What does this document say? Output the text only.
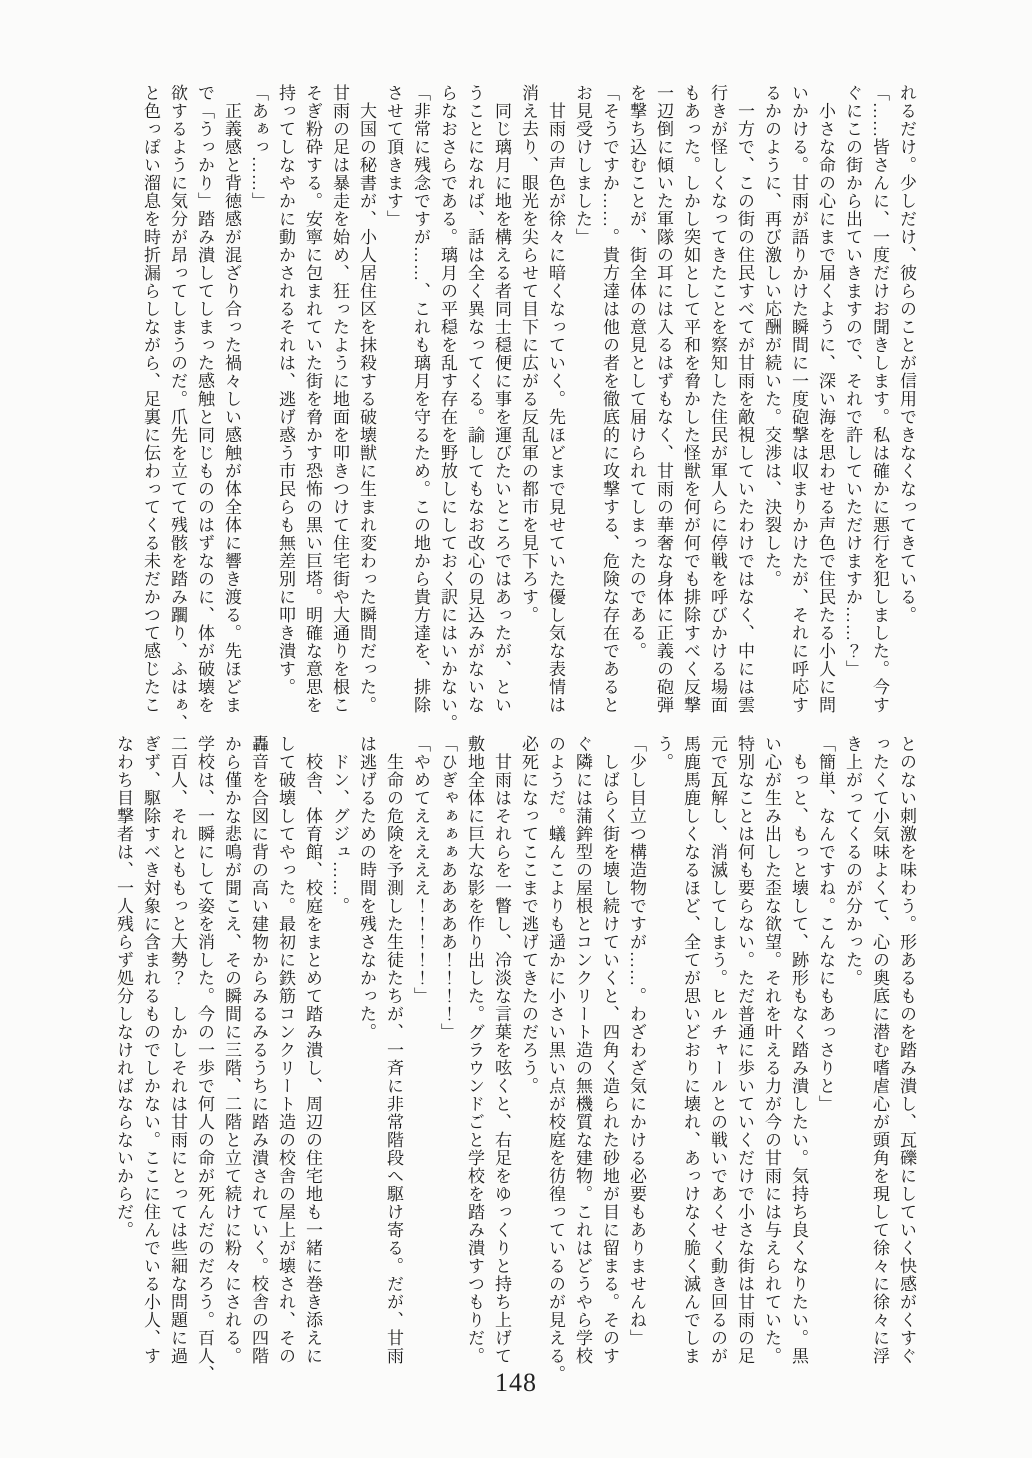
れるだけ。少しだけ、彼らのことが信用できなくなってきている。
「……皆さんに、一度だけお聞きします。私は確かに悪行を犯しました。今す
ぐにこの街から出ていきますので、それで許していただけますか……？」
　小さな命の心にまで届くように、深い海を思わせる声色で住民たる小人に問
いかける。甘雨が語りかけた瞬間に一度砲撃は収まりかけたが、それに呼応す
るかのように、再び激しい応酬が続いた。交渉は、決裂した。
　一方で、この街の住民すべてが甘雨を敵視していたわけではなく、中には雲
行きが怪しくなってきたことを察知した住民が軍人らに停戦を呼びかける場面
もあった。しかし突如として平和を脅かした怪獣を何が何でも排除すべく反撃
一辺倒に傾いた軍隊の耳には入るはずもなく、甘雨の華奢な身体に正義の砲弾
を撃ち込むことが、街全体の意見として届けられてしまったのである。
「そうですか……。貴方達は他の者を徹底的に攻撃する、危険な存在であると
お見受けしました」
　甘雨の声色が徐々に暗くなっていく。先ほどまで見せていた優し気な表情は
消え去り、眼光を尖らせて目下に広がる反乱軍の都市を見下ろす。
　同じ璃月に地を構える者同士穏便に事を運びたいところではあったが、とい
うことになれば、話は全く異なってくる。諭してもなお改心の見込みがないな
らなおさらである。璃月の平穏を乱す存在を野放しにしておく訳にはいかない。
「非常に残念ですが……、これも璃月を守るため。この地から貴方達を、排除
させて頂きます」
　大国の秘書が、小人居住区を抹殺する破壊獣に生まれ変わった瞬間だった。
甘雨の足は暴走を始め、狂ったように地面を叩きつけて住宅街や大通りを根こ
そぎ粉砕する。安寧に包まれていた街を脅かす恐怖の黒い巨塔。明確な意思を
持ってしなやかに動かされるそれは、逃げ惑う市民らも無差別に叩き潰す。
「あぁっ……」
　正義感と背徳感が混ざり合った禍々しい感触が体全体に響き渡る。先ほどま
で「うっかり」踏み潰してしまった感触と同じもののはずなのに、体が破壊を
欲するように気分が昂ってしまうのだ。爪先を立てて残骸を踏み躙り、ふはぁ、
と色っぽい溜息を時折漏らしながら、足裏に伝わってくる未だかつて感じたこ
とのない刺激を味わう。形あるものを踏み潰し、瓦礫にしていく快感がくすぐ
ったくて小気味よくて、心の奥底に潜む嗜虐心が頭角を現して徐々に徐々に浮
き上がってくるのが分かった。
「簡単、なんですね。こんなにもあっさりと」
　もっと、もっと壊して、跡形もなく踏み潰したい。気持ち良くなりたい。黒
い心が生み出した歪な欲望。それを叶える力が今の甘雨には与えられていた。
特別なことは何も要らない。ただ普通に歩いていくだけで小さな街は甘雨の足
元で瓦解し、消滅してしまう。ヒルチャールとの戦いであくせく動き回るのが
馬鹿馬鹿しくなるほど、全てが思いどおりに壊れ、あっけなく脆く滅んでしま
う。
「少し目立つ構造物ですが……。わざわざ気にかける必要もありませんね」
　しばらく街を壊し続けていくと、四角く造られた砂地が目に留まる。そのす
ぐ隣には蒲鉾型の屋根とコンクリート造の無機質な建物。これはどうやら学校
のようだ。蟻んこよりも遥かに小さい黒い点が校庭を彷徨っているのが見える。
必死になってここまで逃げてきたのだろう。
　甘雨はそれらを一瞥し、冷淡な言葉を呟くと、右足をゆっくりと持ち上げて
敷地全体に巨大な影を作り出した。グラウンドごと学校を踏み潰すつもりだ。
「ひぎゃぁぁぁあああああ！！！！」
「やめてえええええ！！！！！」
　生命の危険を予測した生徒たちが、一斉に非常階段へ駆け寄る。だが、甘雨
は逃げるための時間を残さなかった。
　ドン、グジュ……。
　校舎、体育館、校庭をまとめて踏み潰し、周辺の住宅地も一緒に巻き添えに
して破壊してやった。最初に鉄筋コンクリート造の校舎の屋上が壊され、その
轟音を合図に背の高い建物からみるみるうちに踏み潰されていく。校舎の四階
から僅かな悲鳴が聞こえ、その瞬間に三階、二階と立て続けに粉々にされる。
学校は、一瞬にして姿を消した。今の一歩で何人の命が死んだのだろう。百人、
二百人、それとももっと大勢？　しかしそれは甘雨にとっては些細な問題に過
ぎず、駆除すべき対象に含まれるものでしかない。ここに住んでいる小人、す
なわち目撃者は、一人残らず処分しなければならないからだ。
148
